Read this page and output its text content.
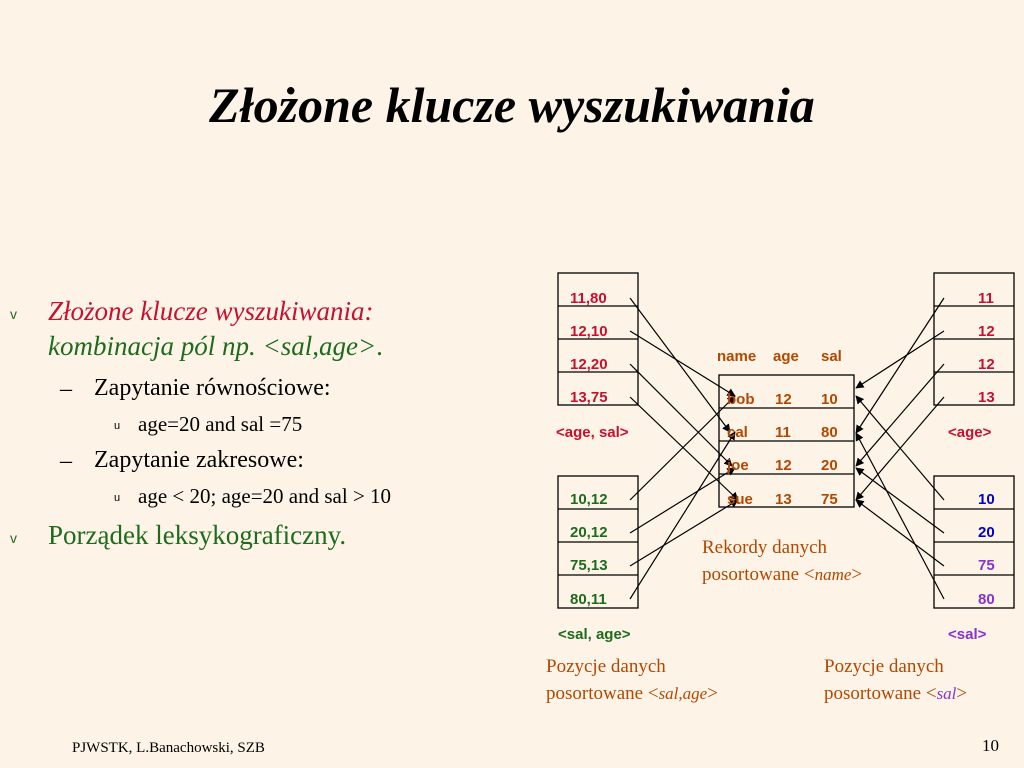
Złożone klucze wyszukiwania
v Złożone klucze wyszukiwania:
kombinacja pól np. <sal,age>.
– Zapytanie równościowe:
u age=20 and sal =75
– Zapytanie zakresowe:
u age < 20; age=20 and sal > 10
v Porządek leksykograficzny.
11,80
12,10
12,20
13,75
<age, sal>
10,12
20,12
75,13
80,11
<sal, age>
11
12
12
13
<age>
10
20
75
80
<sal>
name age sal
bob 12 10
cal 11 80
joe 12 20
sue 13 75
Rekordy danych
posortowane <name>
Pozycje danych
posortowane <sal,age>
Pozycje danych
posortowane <sal>
PJWSTK, L.Banachowski, SZB	10
